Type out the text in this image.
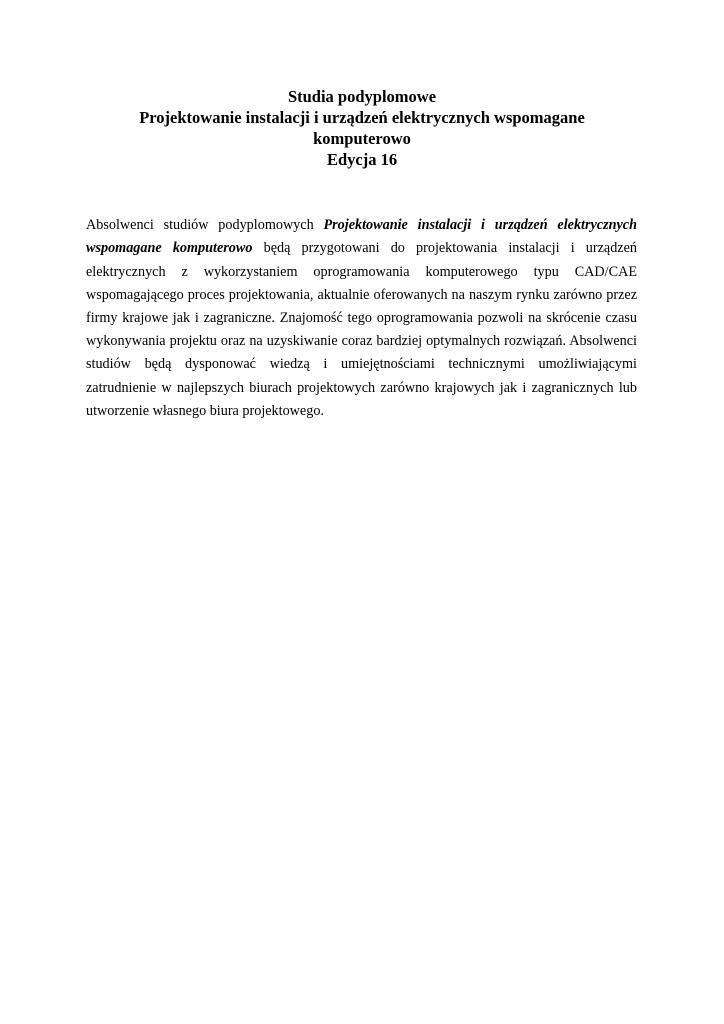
Studia podyplomowe
Projektowanie instalacji i urządzeń elektrycznych wspomagane
komputerowo
Edycja 16

Absolwenci studiów podyplomowych Projektowanie instalacji i urządzeń elektrycznych wspomagane komputerowo będą przygotowani do projektowania instalacji i urządzeń elektrycznych z wykorzystaniem oprogramowania komputerowego typu CAD/CAE wspomagającego proces projektowania, aktualnie oferowanych na naszym rynku zarówno przez firmy krajowe jak i zagraniczne. Znajomość tego oprogramowania pozwoli na skrócenie czasu wykonywania projektu oraz na uzyskiwanie coraz bardziej optymalnych rozwiązań. Absolwenci studiów będą dysponować wiedzą i umiejętnościami technicznymi umożliwiającymi zatrudnienie w najlepszych biurach projektowych zarówno krajowych jak i zagranicznych lub utworzenie własnego biura projektowego.
